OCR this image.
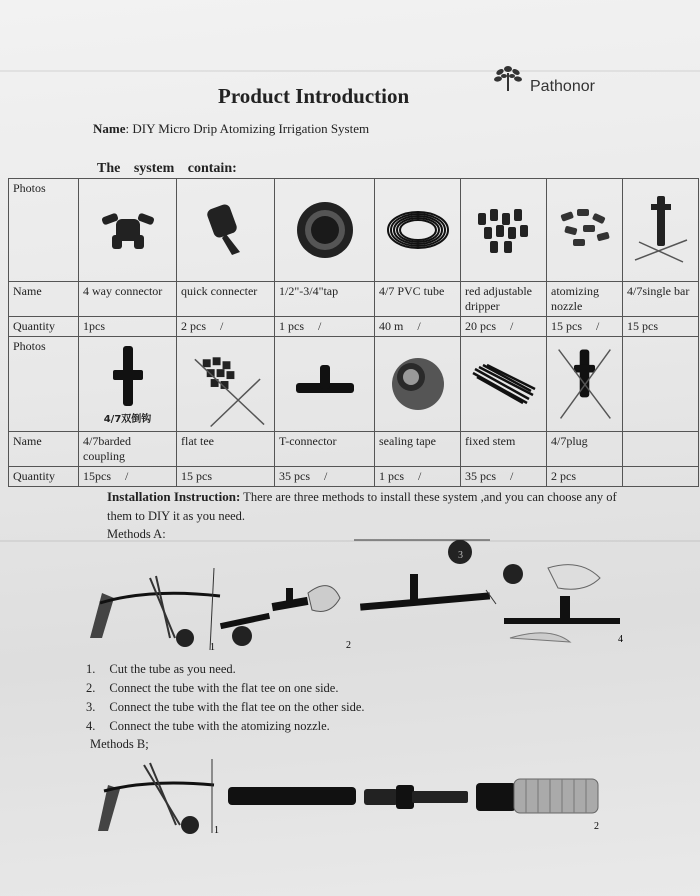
Pathonor
Product Introduction
Name: DIY Micro Drip Atomizing Irrigation System
The system contain:
Photos	

Name	4 way connector	quick connecter	1/2"-3/4"tap	4/7 PVC tube	red adjustable dripper	atomizing nozzle	4/7single bar
Quantity	1pcs	2 pcs /	1 pcs /	40 m /	20 pcs /	15 pcs /	15 pcs
Photos	4/7双倒钩

Name	4/7barded coupling	flat tee	T-connector	sealing tape	fixed stem	4/7plug	
Quantity	15pcs /	15 pcs	35 pcs /	1 pcs /	35 pcs /	2 pcs	
Installation Instruction: There are three methods to install these system ,and you can choose any of them to DIY it as you need.
Methods A:
1	2
4
3
1. Cut the tube as you need.
2. Connect the tube with the flat tee on one side.
3. Connect the tube with the flat tee on the other side.
4. Connect the tube with the atomizing nozzle.
Methods B;
1	2
